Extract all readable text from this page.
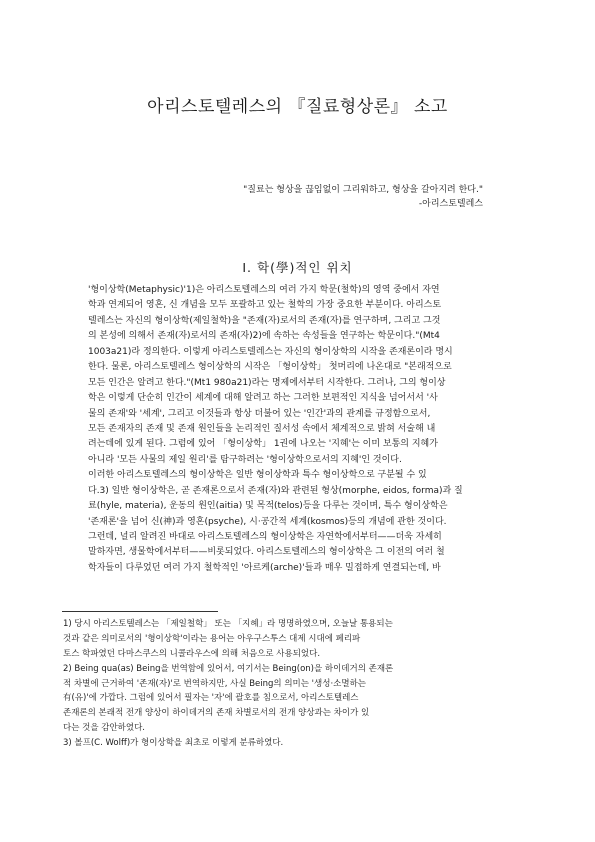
아리스토텔레스의 『질료형상론』 소고
"질료는 형상을 끊임없이 그리워하고, 형상을 갈아지려 한다."
-아리스토텔레스
I. 학(學)적인 위치
'형이상학(Metaphysic)'1)은 아리스토텔레스의 여러 가지 학문(철학)의 영역 중에서 자연
학과 연계되어 영혼, 신 개념을 모두 포괄하고 있는 철학의 가장 중요한 부분이다. 아리스토
텔레스는 자신의 형이상학(제일철학)을 "존재(자)로서의 존재(자)를 연구하며, 그리고 그것
의 본성에 의해서 존재(자)로서의 존재(자)2)에 속하는 속성들을 연구하는 학문이다."(Mt4
1003a21)라 정의한다. 이렇게 아리스토텔레스는 자신의 형이상학의 시작을 존재론이라 명시
한다. 물론, 아리스토텔레스 형이상학의 시작은 「형이상학」 첫머리에 나온대로 "본래적으로
모든 인간은 알려고 한다."(Mt1 980a21)라는 명제에서부터 시작한다. 그러나, 그의 형이상
학은 이렇게 단순히 인간이 세계에 대해 알려고 하는 그러한 보편적인 지식을 넘어서서 '사
물의 존재'와 '세계', 그리고 이것들과 항상 더불어 있는 '인간'과의 관계를 규정함으로서,
모든 존재자의 존재 및 존재 원인들을 논리적인 질서성 속에서 체계적으로 밝혀 서술해 내
려는데에 있게 된다. 그럼에 있어 「형이상학」 1권에 나오는 '지혜'는 이미 보통의 지혜가
아니라 '모든 사물의 제일 원리'를 탐구하려는 '형이상학으로서의 지혜'인 것이다.
이러한 아리스토텔레스의 형이상학은 일반 형이상학과 특수 형이상학으로 구분될 수 있
다.3) 일반 형이상학은, 곧 존재론으로서 존재(자)와 관련된 형상(morphe, eidos, forma)과 질
료(hyle, materia), 운동의 원인(aitia) 및 목적(telos)등을 다루는 것이며, 특수 형이상학은
'존재론'을 넘어 신(神)과 영혼(psyche), 시·공간적 세계(kosmos)등의 개념에 관한 것이다.
그런데, 널리 알려진 바대로 아리스토텔레스의 형이상학은 자연학에서부터——더욱 자세히
말하자면, 생물학에서부터——비롯되었다. 아리스토텔레스의 형이상학은 그 이전의 여러 철
학자들이 다루었던 여러 가지 철학적인 '아르케(arche)'들과 매우 밀접하게 연결되는데, 바
1) 당시 아리스토텔레스는 「제일철학」 또는 「지혜」라 명명하였으며, 오늘날 통용되는
것과 같은 의미로서의 '형이상학'이라는 용어는 아우구스투스 대제 시대에 페리파
토스 학파였던 다마스쿠스의 니콜라우스에 의해 처음으로 사용되었다.
2) Being qua(as) Being을 번역함에 있어서, 여기서는 Being(on)을 하이데거의 존재론
적 차별에 근거하여 '존재(자)'로 번역하지만, 사실 Being의 의미는 '생성·소멸하는
有(유)'에 가깝다. 그럼에 있어서 필자는 '자'에 괄호를 침으로서, 아리스토텔레스
존재론의 본래적 전개 양상이 하이데거의 존재 차별로서의 전개 양상과는 차이가 있
다는 것을 감안하였다.
3) 볼프(C. Wolff)가 형이상학을 최초로 이렇게 분류하였다.
